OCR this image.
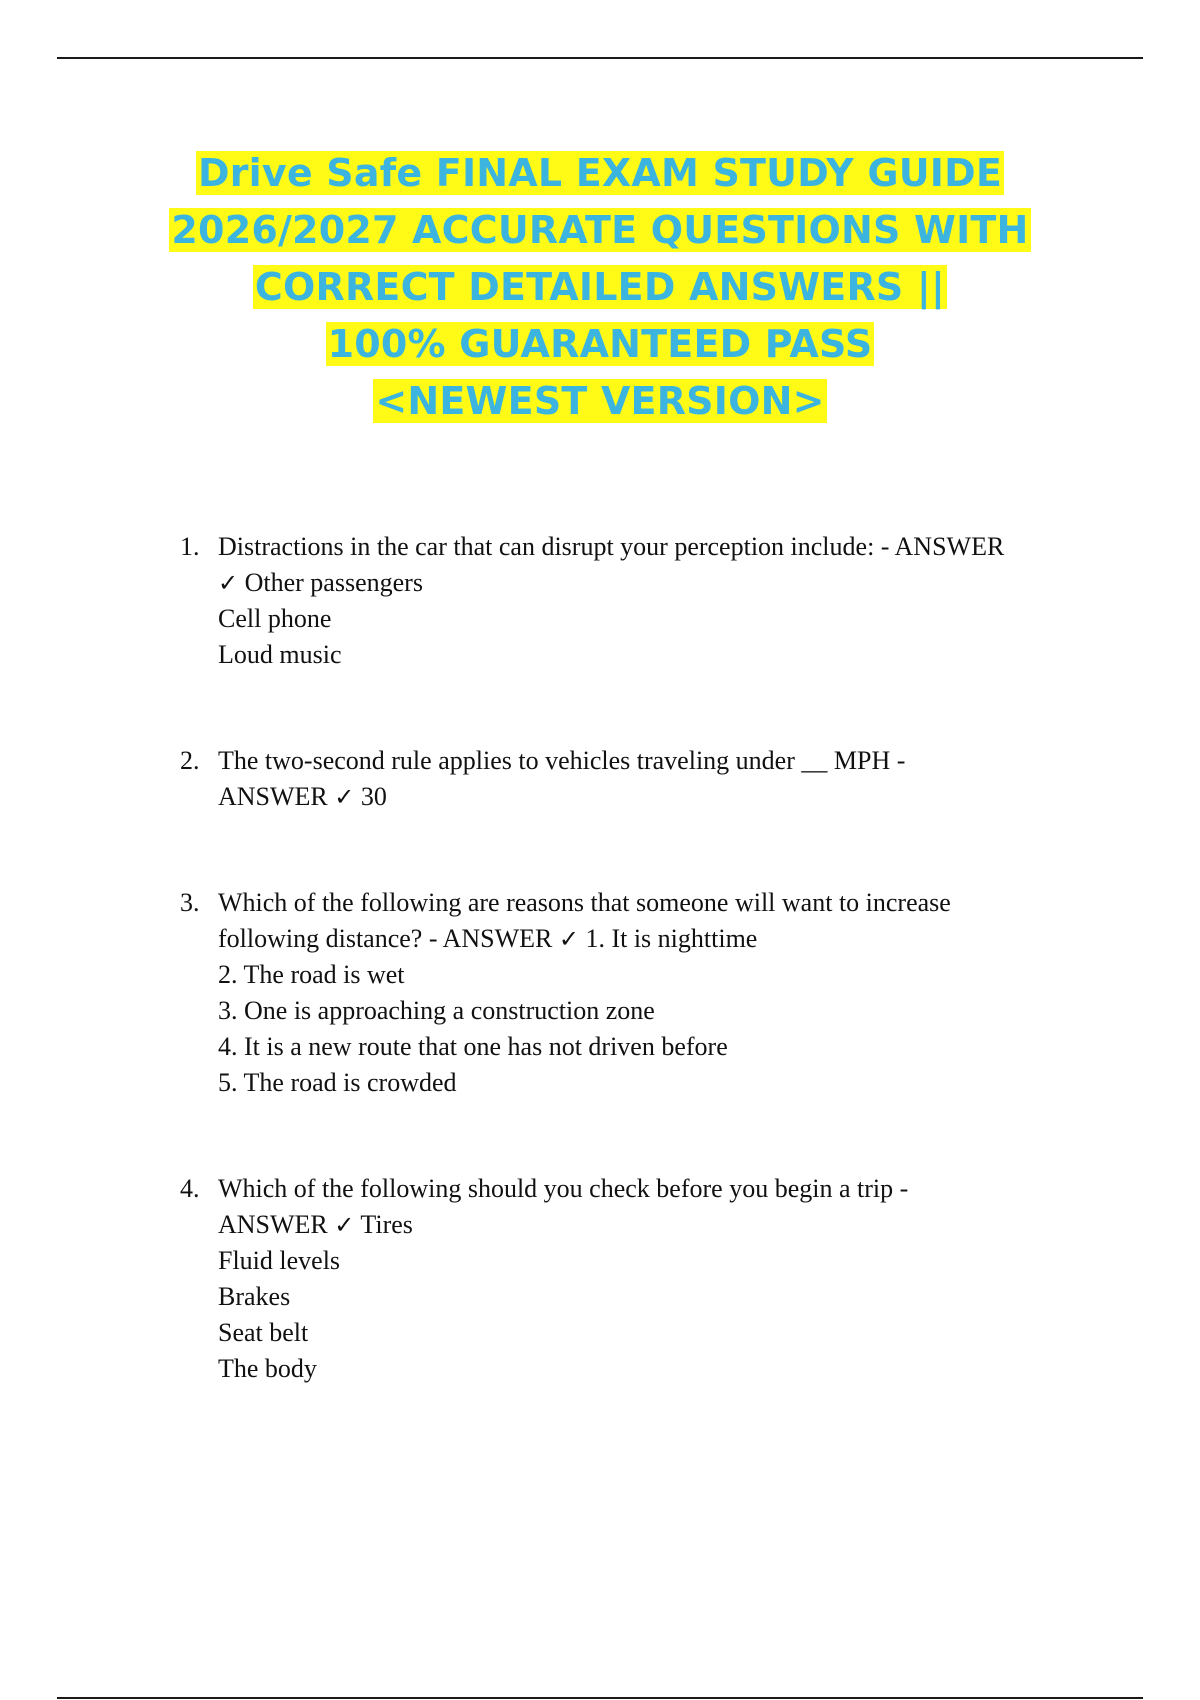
Drive Safe FINAL EXAM STUDY GUIDE
2026/2027 ACCURATE QUESTIONS WITH
CORRECT DETAILED ANSWERS ||
100% GUARANTEED PASS
<NEWEST VERSION>
1. Distractions in the car that can disrupt your perception include: - ANSWER
✓ Other passengers
Cell phone
Loud music
2. The two-second rule applies to vehicles traveling under __ MPH -
ANSWER ✓ 30
3. Which of the following are reasons that someone will want to increase
following distance? - ANSWER ✓ 1. It is nighttime
2. The road is wet
3. One is approaching a construction zone
4. It is a new route that one has not driven before
5. The road is crowded
4. Which of the following should you check before you begin a trip -
ANSWER ✓ Tires
Fluid levels
Brakes
Seat belt
The body
